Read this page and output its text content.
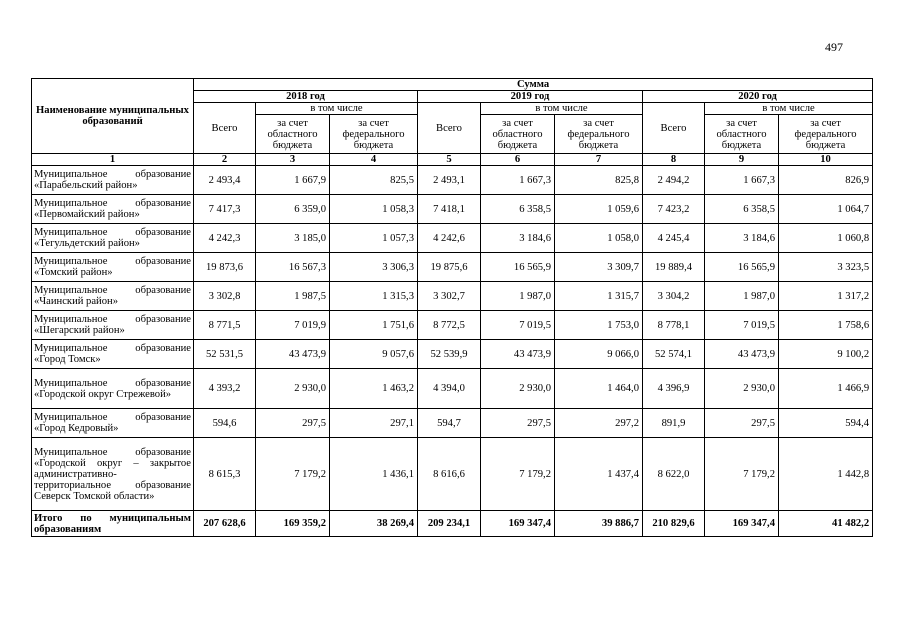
497
Наименование муниципальных образований	Сумма								
	2018 год			2019 год			2020 год		
	Всего	в том числе		Всего	в том числе		Всего	в том числе	
		за счет областного бюджета	за счет федерального бюджета		за счет областного бюджета	за счет федерального бюджета		за счет областного бюджета	за счет федерального бюджета
1	2	3	4	5	6	7	8	9	10
Муниципальное образование «Парабельский район»	2 493,4	1 667,9	825,5	2 493,1	1 667,3	825,8	2 494,2	1 667,3	826,9
Муниципальное образование «Первомайский район»	7 417,3	6 359,0	1 058,3	7 418,1	6 358,5	1 059,6	7 423,2	6 358,5	1 064,7
Муниципальное образование «Тегульдетский район»	4 242,3	3 185,0	1 057,3	4 242,6	3 184,6	1 058,0	4 245,4	3 184,6	1 060,8
Муниципальное образование «Томский район»	19 873,6	16 567,3	3 306,3	19 875,6	16 565,9	3 309,7	19 889,4	16 565,9	3 323,5
Муниципальное образование «Чаинский район»	3 302,8	1 987,5	1 315,3	3 302,7	1 987,0	1 315,7	3 304,2	1 987,0	1 317,2
Муниципальное образование «Шегарский район»	8 771,5	7 019,9	1 751,6	8 772,5	7 019,5	1 753,0	8 778,1	7 019,5	1 758,6
Муниципальное образование «Город Томск»	52 531,5	43 473,9	9 057,6	52 539,9	43 473,9	9 066,0	52 574,1	43 473,9	9 100,2
Муниципальное образование «Городской округ Стрежевой»	4 393,2	2 930,0	1 463,2	4 394,0	2 930,0	1 464,0	4 396,9	2 930,0	1 466,9
Муниципальное образование «Город Кедровый»	594,6	297,5	297,1	594,7	297,5	297,2	891,9	297,5	594,4
Муниципальное образование «Городской округ – закрытое административно-территориальное образование Северск Томской области»	8 615,3	7 179,2	1 436,1	8 616,6	7 179,2	1 437,4	8 622,0	7 179,2	1 442,8
Итого по муниципальным образованиям	207 628,6	169 359,2	38 269,4	209 234,1	169 347,4	39 886,7	210 829,6	169 347,4	41 482,2
